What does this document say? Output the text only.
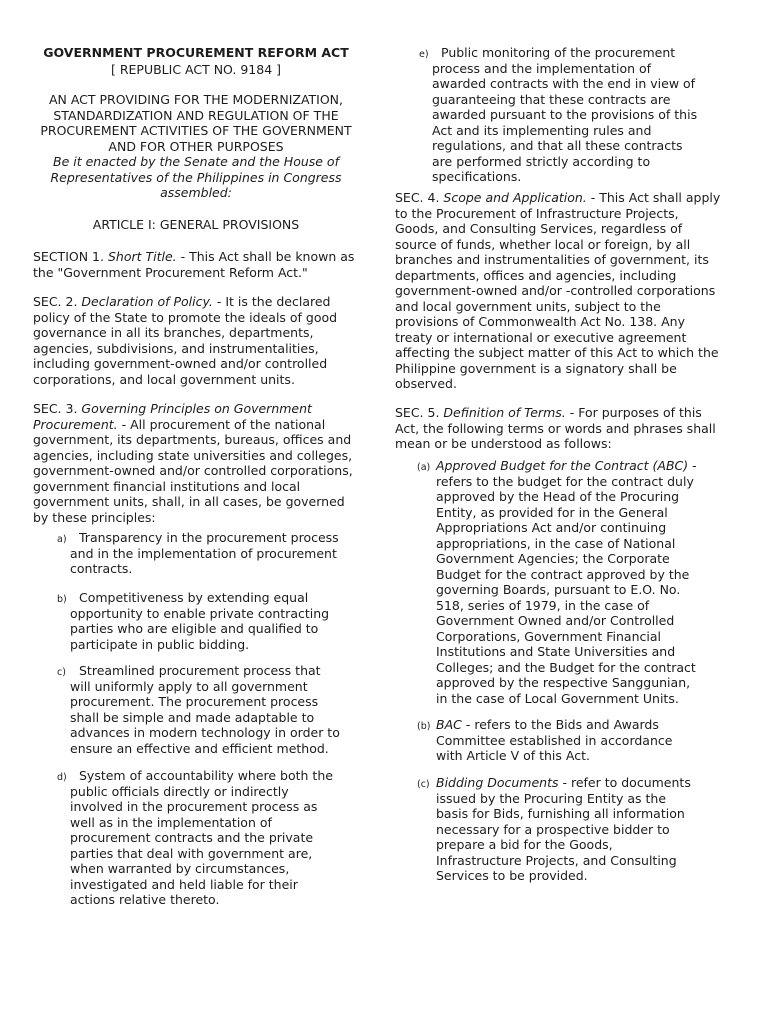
GOVERNMENT PROCUREMENT REFORM ACT
[ REPUBLIC ACT NO. 9184 ]
AN ACT PROVIDING FOR THE MODERNIZATION,
STANDARDIZATION AND REGULATION OF THE
PROCUREMENT ACTIVITIES OF THE GOVERNMENT
AND FOR OTHER PURPOSES
Be it enacted by the Senate and the House of
Representatives of the Philippines in Congress
assembled:
ARTICLE I: GENERAL PROVISIONS
SECTION 1. Short Title. - This Act shall be known as
the "Government Procurement Reform Act."
SEC. 2. Declaration of Policy. - It is the declared
policy of the State to promote the ideals of good
governance in all its branches, departments,
agencies, subdivisions, and instrumentalities,
including government-owned and/or controlled
corporations, and local government units.
SEC. 3. Governing Principles on Government
Procurement. - All procurement of the national
government, its departments, bureaus, offices and
agencies, including state universities and colleges,
government-owned and/or controlled corporations,
government financial institutions and local
government units, shall, in all cases, be governed
by these principles:
a) Transparency in the procurement process
and in the implementation of procurement
contracts.
b) Competitiveness by extending equal
opportunity to enable private contracting
parties who are eligible and qualified to
participate in public bidding.
c) Streamlined procurement process that
will uniformly apply to all government
procurement. The procurement process
shall be simple and made adaptable to
advances in modern technology in order to
ensure an effective and efficient method.
d) System of accountability where both the
public officials directly or indirectly
involved in the procurement process as
well as in the implementation of
procurement contracts and the private
parties that deal with government are,
when warranted by circumstances,
investigated and held liable for their
actions relative thereto.
e) Public monitoring of the procurement
process and the implementation of
awarded contracts with the end in view of
guaranteeing that these contracts are
awarded pursuant to the provisions of this
Act and its implementing rules and
regulations, and that all these contracts
are performed strictly according to
specifications.
SEC. 4. Scope and Application. - This Act shall apply
to the Procurement of Infrastructure Projects,
Goods, and Consulting Services, regardless of
source of funds, whether local or foreign, by all
branches and instrumentalities of government, its
departments, offices and agencies, including
government-owned and/or -controlled corporations
and local government units, subject to the
provisions of Commonwealth Act No. 138. Any
treaty or international or executive agreement
affecting the subject matter of this Act to which the
Philippine government is a signatory shall be
observed.
SEC. 5. Definition of Terms. - For purposes of this
Act, the following terms or words and phrases shall
mean or be understood as follows:
(a) Approved Budget for the Contract (ABC) -
refers to the budget for the contract duly
approved by the Head of the Procuring
Entity, as provided for in the General
Appropriations Act and/or continuing
appropriations, in the case of National
Government Agencies; the Corporate
Budget for the contract approved by the
governing Boards, pursuant to E.O. No.
518, series of 1979, in the case of
Government Owned and/or Controlled
Corporations, Government Financial
Institutions and State Universities and
Colleges; and the Budget for the contract
approved by the respective Sanggunian,
in the case of Local Government Units.
(b) BAC - refers to the Bids and Awards
Committee established in accordance
with Article V of this Act.
(c) Bidding Documents - refer to documents
issued by the Procuring Entity as the
basis for Bids, furnishing all information
necessary for a prospective bidder to
prepare a bid for the Goods,
Infrastructure Projects, and Consulting
Services to be provided.
